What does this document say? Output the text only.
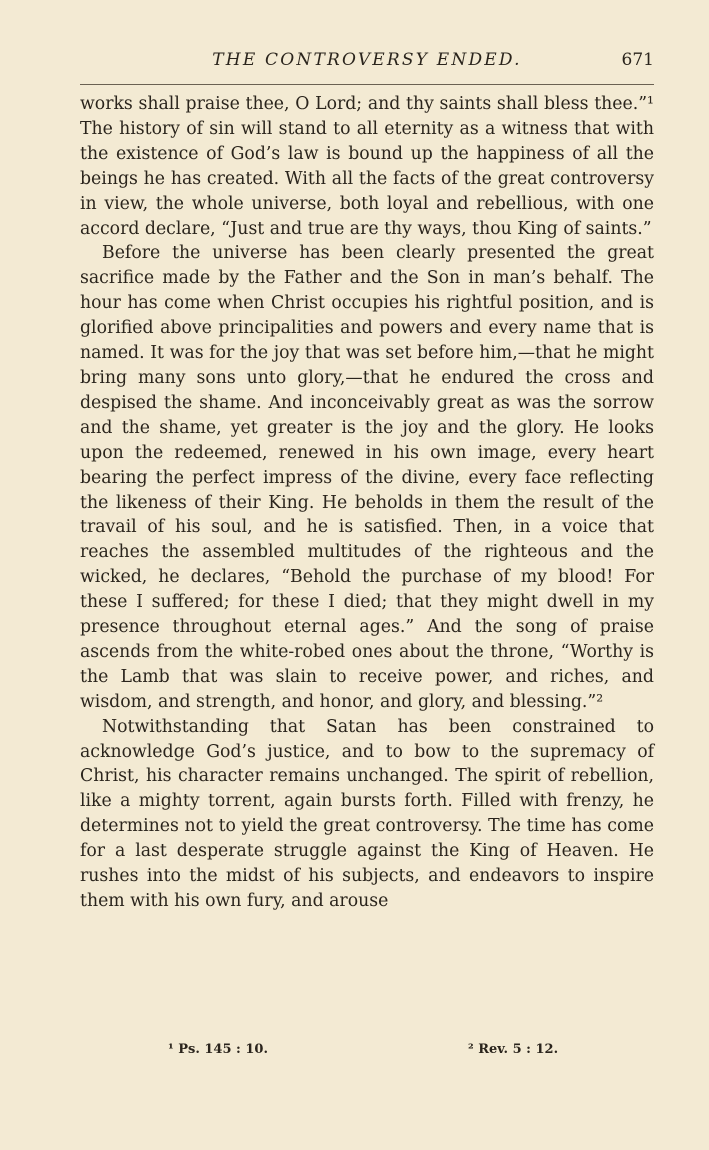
THE CONTROVERSY ENDED.	671

works shall praise thee, O Lord; and thy saints shall bless thee.”¹ The history of sin will stand to all eternity as a witness that with the existence of God’s law is bound up the happiness of all the beings he has created. With all the facts of the great controversy in view, the whole universe, both loyal and rebellious, with one accord declare, “Just and true are thy ways, thou King of saints.”

Before the universe has been clearly presented the great sacrifice made by the Father and the Son in man’s behalf. The hour has come when Christ occupies his rightful position, and is glorified above principalities and powers and every name that is named. It was for the joy that was set before him,—that he might bring many sons unto glory,—that he endured the cross and despised the shame. And inconceivably great as was the sorrow and the shame, yet greater is the joy and the glory. He looks upon the redeemed, renewed in his own image, every heart bearing the perfect impress of the divine, every face reflecting the likeness of their King. He beholds in them the result of the travail of his soul, and he is satisfied. Then, in a voice that reaches the assembled multitudes of the righteous and the wicked, he declares, “Behold the purchase of my blood! For these I suffered; for these I died; that they might dwell in my presence throughout eternal ages.” And the song of praise ascends from the white-robed ones about the throne, “Worthy is the Lamb that was slain to receive power, and riches, and wisdom, and strength, and honor, and glory, and blessing.”²

Notwithstanding that Satan has been constrained to acknowledge God’s justice, and to bow to the supremacy of Christ, his character remains unchanged. The spirit of rebellion, like a mighty torrent, again bursts forth. Filled with frenzy, he determines not to yield the great controversy. The time has come for a last desperate struggle against the King of Heaven. He rushes into the midst of his subjects, and endeavors to inspire them with his own fury, and arouse

¹ Ps. 145 : 10.	² Rev. 5 : 12.
